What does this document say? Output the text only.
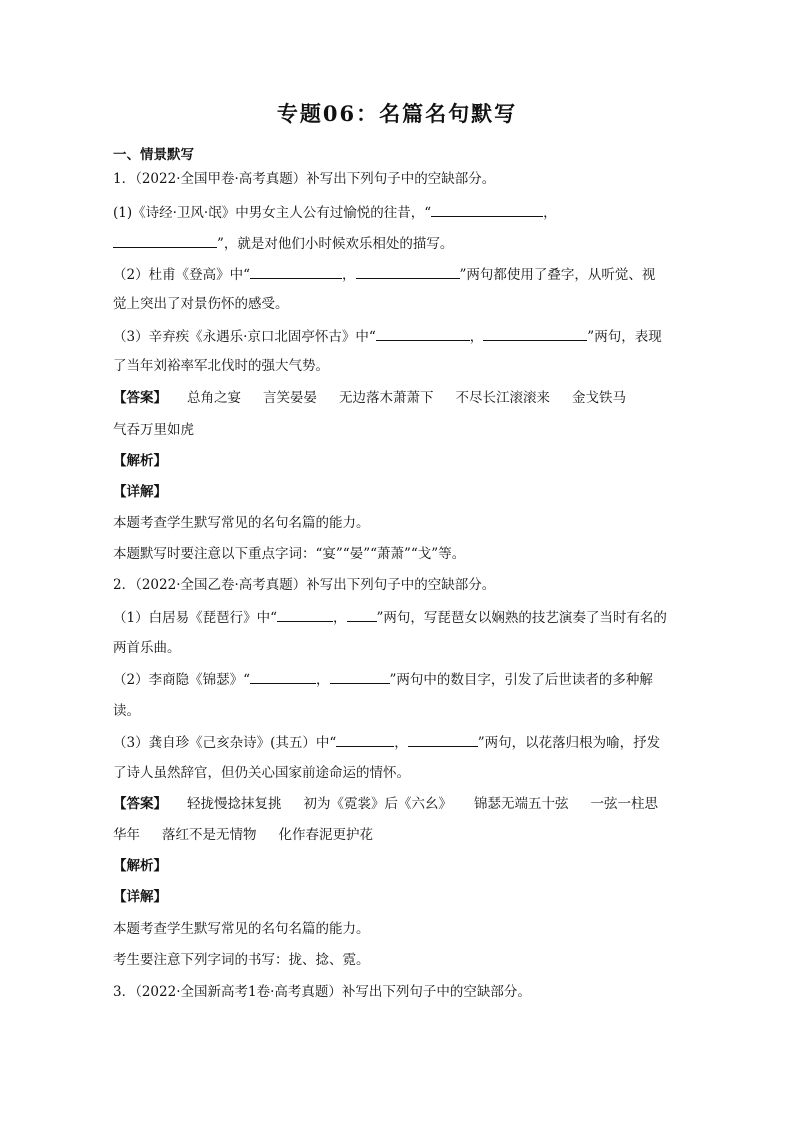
专题06：名篇名句默写
一、情景默写
1．（2022·全国甲卷·高考真题）补写出下列句子中的空缺部分。
(1)《诗经·卫风·氓》中男女主人公有过愉悦的往昔，“	，
”，就是对他们小时候欢乐相处的描写。
（2）杜甫《登高》中“	，	”两句都使用了叠字，从听觉、视
觉上突出了对景伤怀的感受。
（3）辛弃疾《永遇乐·京口北固亭怀古》中“	，	”两句，表现
了当年刘裕率军北伐时的强大气势。
【答案】 总角之宴 言笑晏晏 无边落木萧萧下 不尽长江滚滚来 金戈铁马
气吞万里如虎
【解析】
【详解】
本题考查学生默写常见的名句名篇的能力。
本题默写时要注意以下重点字词：“宴”“晏”“萧萧”“戈”等。
2．（2022·全国乙卷·高考真题）补写出下列句子中的空缺部分。
（1）白居易《琵琶行》中“	， ”两句，写琵琶女以娴熟的技艺演奏了当时有名的
两首乐曲。
（2）李商隐《锦瑟》“	，	”两句中的数目字，引发了后世读者的多种解
读。
（3）龚自珍《己亥杂诗》(其五）中“	，	”两句，以花落归根为喻，抒发
了诗人虽然辞官，但仍关心国家前途命运的情怀。
【答案】 轻拢慢捻抹复挑 初为《霓裳》后《六幺》 锦瑟无端五十弦 一弦一柱思
华年 落红不是无情物 化作春泥更护花
【解析】
【详解】
本题考查学生默写常见的名句名篇的能力。
考生要注意下列字词的书写：拢、捻、霓。
3．（2022·全国新高考1卷·高考真题）补写出下列句子中的空缺部分。
